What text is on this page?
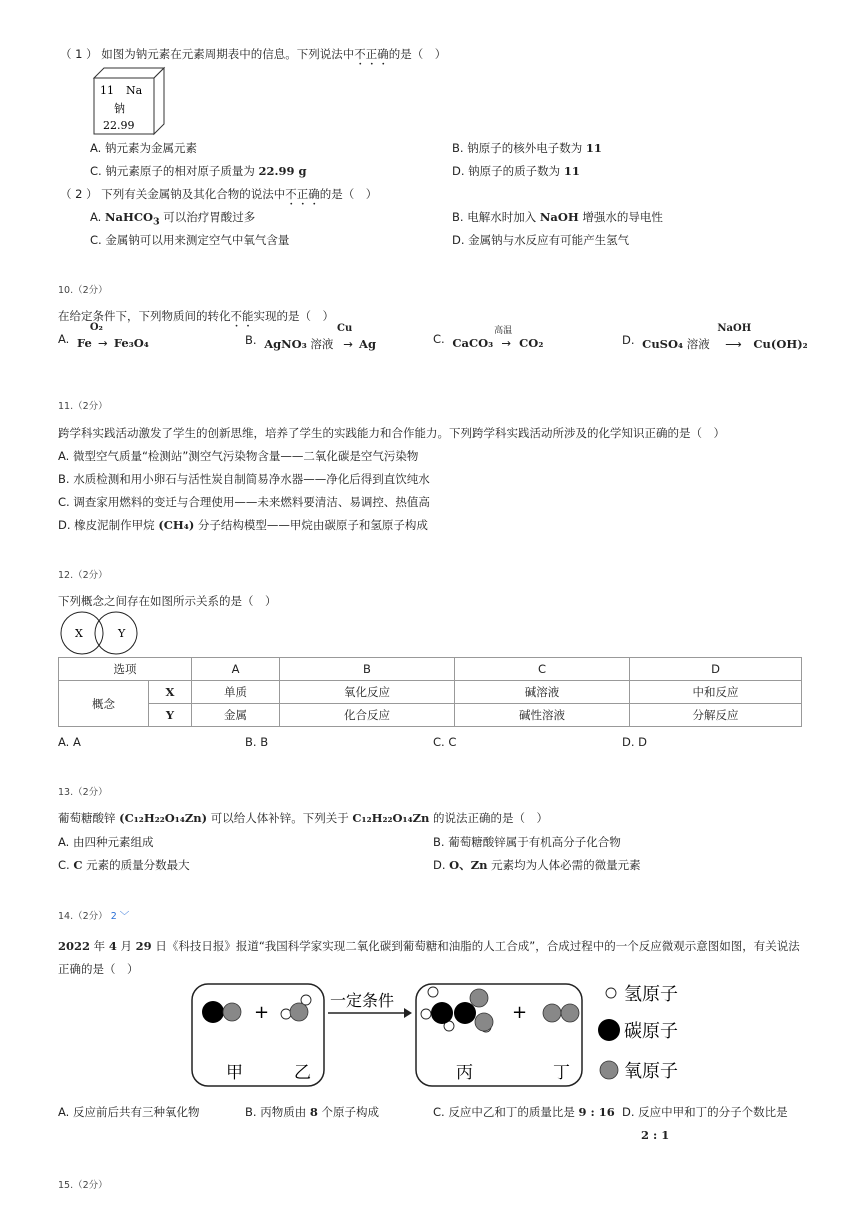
（ 1 ） 如图为钠元素在元素周期表中的信息。下列说法中不正确的是（　）
11 Na
钠
22.99
A. 钠元素为金属元素	B. 钠原子的核外电子数为 11
C. 钠元素原子的相对原子质量为 22.99 g	D. 钠原子的质子数为 11
（ 2 ） 下列有关金属钠及其化合物的说法中不正确的是（　）
A. NaHCO$_3$ 可以治疗胃酸过多	B. 电解水时加入 NaOH 增强水的导电性
C. 金属钠可以用来测定空气中氧气含量	D. 金属钠与水反应有可能产生氢气
10.（2分）
在给定条件下，下列物质间的转化不能实现的是（　）
A. Fe
O₂
→ Fe₃O₄	B. AgNO₃ 溶液
Cu
→ Ag	C. CaCO₃
高温
→ CO₂	D. CuSO₄ 溶液
NaOH
⟶ Cu(OH)₂
11.（2分）
跨学科实践活动激发了学生的创新思维，培养了学生的实践能力和合作能力。下列跨学科实践活动所涉及的化学知识正确的是（　）
A. 微型空气质量“检测站”测空气污染物含量——二氧化碳是空气污染物
B. 水质检测和用小卵石与活性炭自制简易净水器——净化后得到直饮纯水
C. 调查家用燃料的变迁与合理使用——未来燃料要清洁、易调控、热值高
D. 橡皮泥制作甲烷 (CH₄) 分子结构模型——甲烷由碳原子和氢原子构成
12.（2分）
下列概念之间存在如图所示关系的是（　）
X	Y
选项		A	B	C	D
概念	X	单质	氧化反应	碱溶液	中和反应
	Y	金属	化合反应	碱性溶液	分解反应
A. A	B. B	C. C	D. D
13.（2分）
葡萄糖酸锌 (C₁₂H₂₂O₁₄Zn) 可以给人体补锌。下列关于 C₁₂H₂₂O₁₄Zn 的说法正确的是（　）
A. 由四种元素组成	B. 葡萄糖酸锌属于有机高分子化合物
C. C 元素的质量分数最大	D. O、Zn 元素均为人体必需的微量元素
14.（2分） 2 ﹀
2022 年 4 月 29 日《科技日报》报道“我国科学家实现二氧化碳到葡萄糖和油脂的人工合成”，合成过程中的一个反应微观示意图如图，有关说法
正确的是（　）
+
甲	乙
一定条件
+
丙	丁
氢原子
碳原子
氧原子
A. 反应前后共有三种氧化物	B. 丙物质由 8 个原子构成	C. 反应中乙和丁的质量比是 9 : 16 D. 反应中甲和丁的分子个数比是
2 : 1
15.（2分）
